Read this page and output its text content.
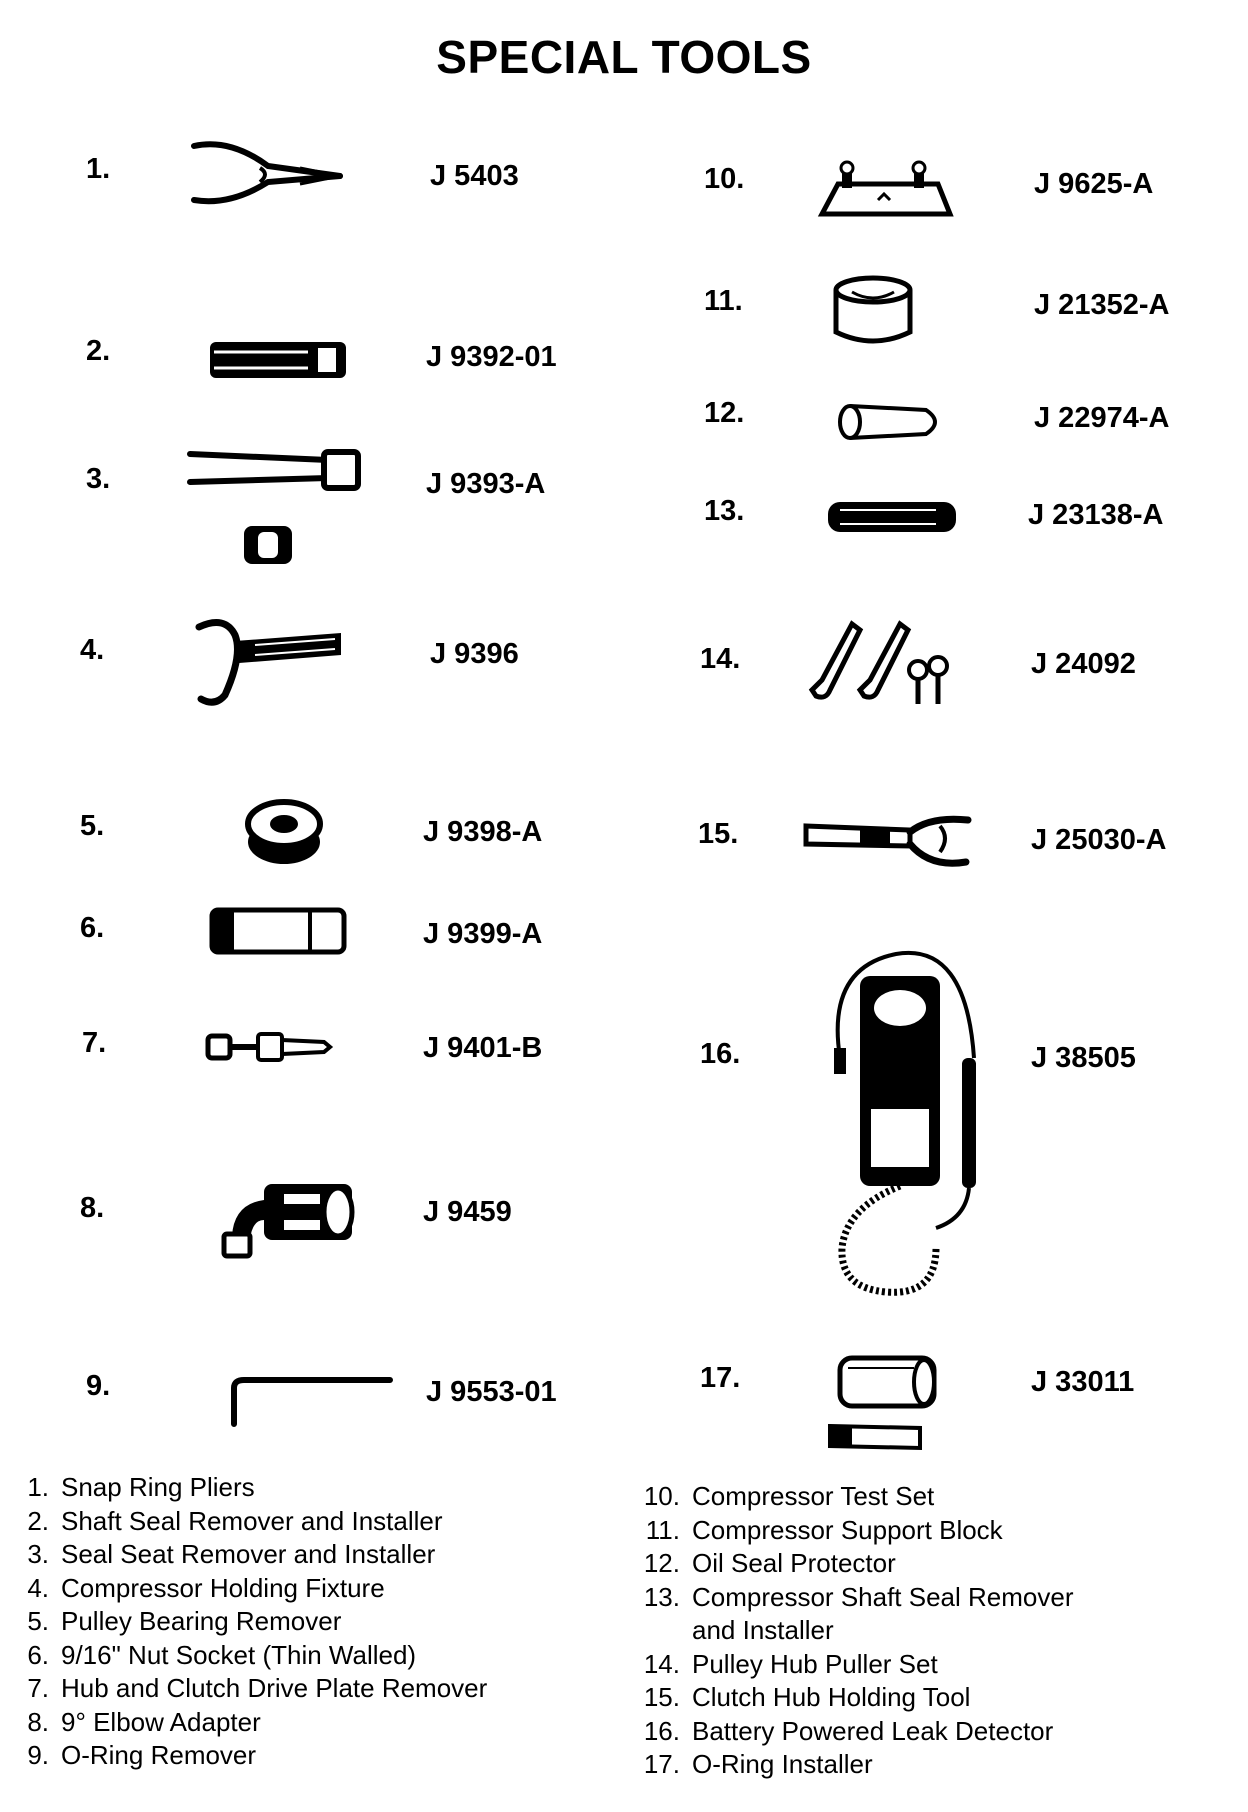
SPECIAL TOOLS
1.	J 5403
2.	J 9392-01
3.	J 9393-A
4.	J 9396
5.	J 9398-A
6.	J 9399-A
7.	J 9401-B
8.	J 9459
9.	J 9553-01
10.	J 9625-A
11.	J 21352-A
12.	J 22974-A
13.	J 23138-A
14.	J 24092
15.	J 25030-A
16.	J 38505
17.	J 33011
1. Snap Ring Pliers
2. Shaft Seal Remover and Installer
3. Seal Seat Remover and Installer
4. Compressor Holding Fixture
5. Pulley Bearing Remover
6. 9/16" Nut Socket (Thin Walled)
7. Hub and Clutch Drive Plate Remover
8. 9° Elbow Adapter
9. O-Ring Remover
10. Compressor Test Set
11. Compressor Support Block
12. Oil Seal Protector
13. Compressor Shaft Seal Remover
and Installer
14. Pulley Hub Puller Set
15. Clutch Hub Holding Tool
16. Battery Powered Leak Detector
17. O-Ring Installer
